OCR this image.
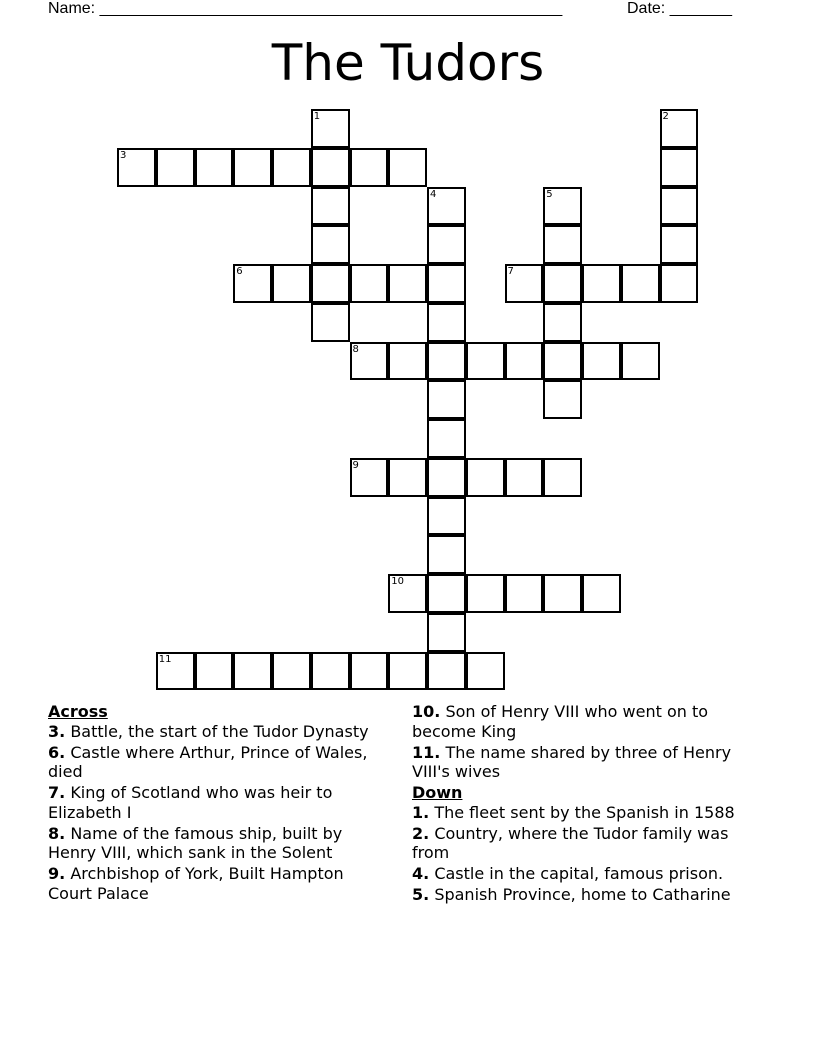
Name: ____________________________________________________	Date: _______
The Tudors
1	2
3
4	5
6	7
8
9
10
11
Across
3. Battle, the start of the Tudor Dynasty
6. Castle where Arthur, Prince of Wales, died
7. King of Scotland who was heir to Elizabeth I
8. Name of the famous ship, built by Henry VIII, which sank in the Solent
9. Archbishop of York, Built Hampton Court Palace
10. Son of Henry VIII who went on to become King
11. The name shared by three of Henry VIII's wives
Down
1. The fleet sent by the Spanish in 1588
2. Country, where the Tudor family was from
4. Castle in the capital, famous prison.
5. Spanish Province, home to Catharine
